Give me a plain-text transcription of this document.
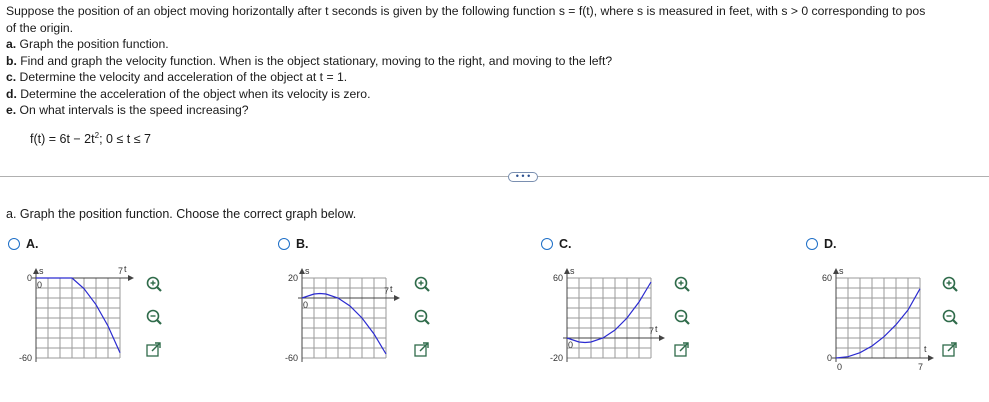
Suppose the position of an object moving horizontally after t seconds is given by the following function s = f(t), where s is measured in feet, with s > 0 corresponding to pos
of the origin.
a. Graph the position function.
b. Find and graph the velocity function. When is the object stationary, moving to the right, and moving to the left?
c. Determine the velocity and acceleration of the object at t = 1.
d. Determine the acceleration of the object when its velocity is zero.
e. On what intervals is the speed increasing?
$f(t) = 6t - 2t^2$; 0 ≤ t ≤ 7
• • •
a. Graph the position function. Choose the correct graph below.
A.
s	t
0
-60
0
7
B.
s
t
20
-60
0
7
C.
s
t
60
-20
0
7
D.
s
t
60
0
0	7
